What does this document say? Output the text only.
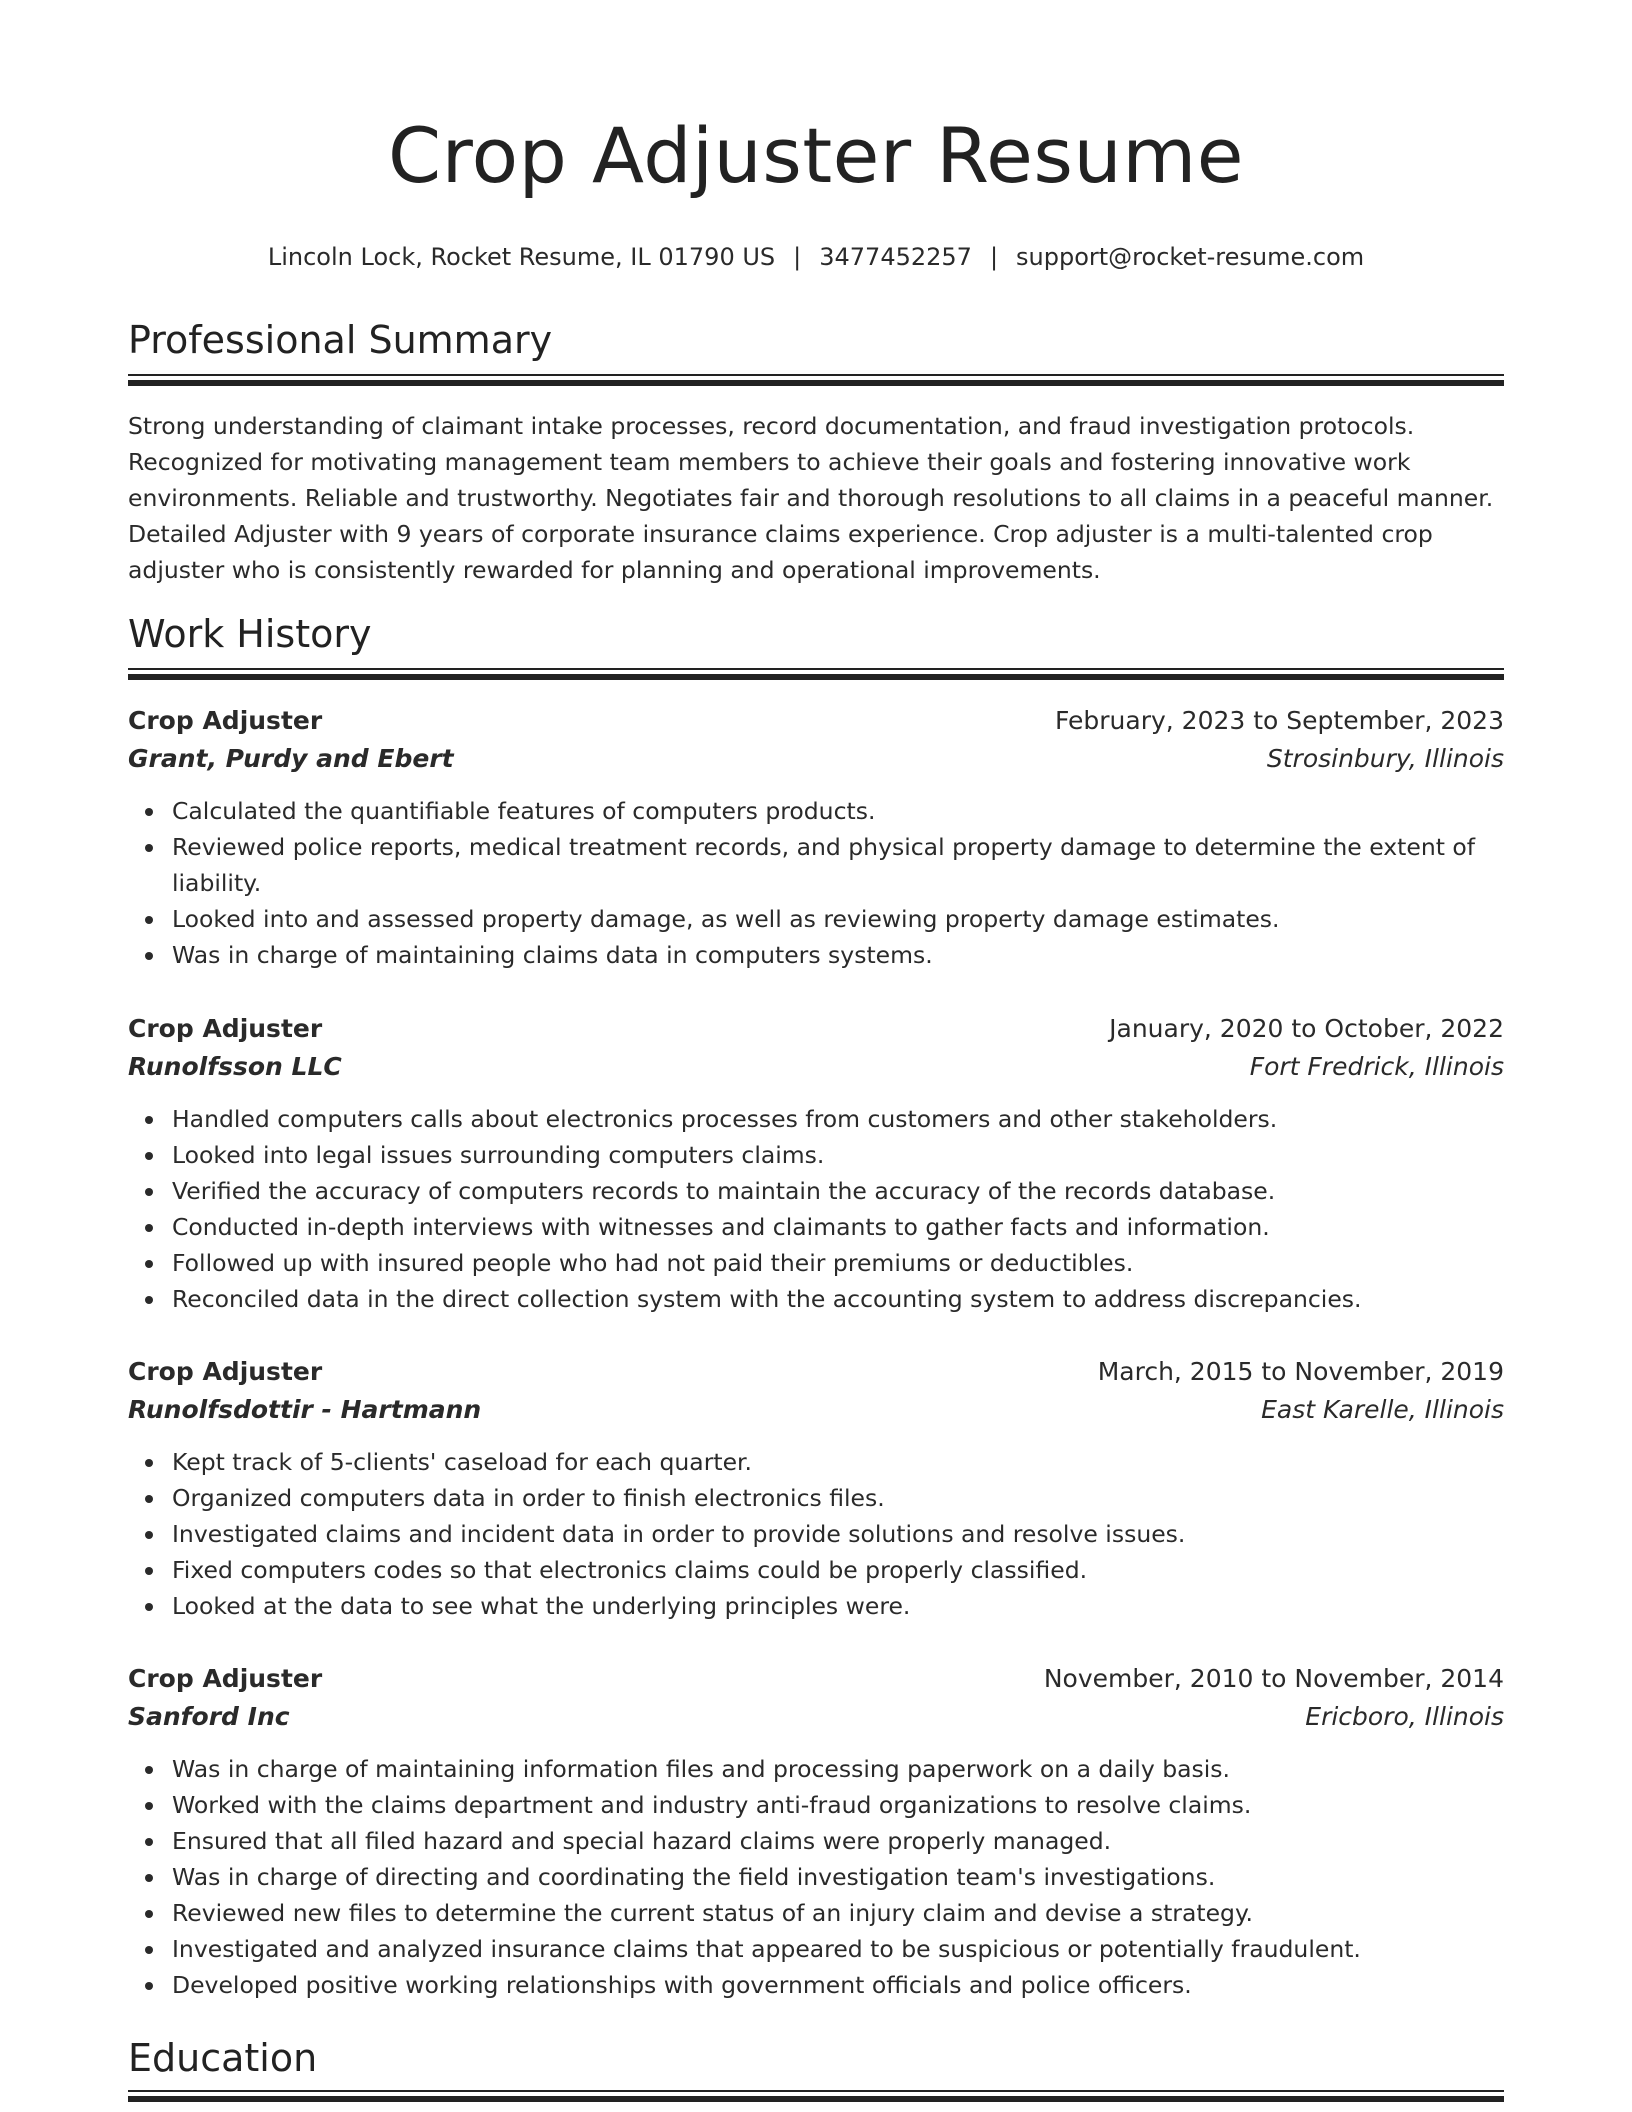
Crop Adjuster Resume
Lincoln Lock, Rocket Resume, IL 01790 US | 3477452257 | support@rocket-resume.com
Professional Summary

Strong understanding of claimant intake processes, record documentation, and fraud investigation protocols. Recognized for motivating management team members to achieve their goals and fostering innovative work environments. Reliable and trustworthy. Negotiates fair and thorough resolutions to all claims in a peaceful manner. Detailed Adjuster with 9 years of corporate insurance claims experience. Crop adjuster is a multi-talented crop adjuster who is consistently rewarded for planning and operational improvements.

Work History
Crop Adjuster	February, 2023 to September, 2023
Grant, Purdy and Ebert	Strosinbury, Illinois
Calculated the quantifiable features of computers products.
Reviewed police reports, medical treatment records, and physical property damage to determine the extent of liability.
Looked into and assessed property damage, as well as reviewing property damage estimates.
Was in charge of maintaining claims data in computers systems.
Crop Adjuster	January, 2020 to October, 2022
Runolfsson LLC	Fort Fredrick, Illinois
Handled computers calls about electronics processes from customers and other stakeholders.
Looked into legal issues surrounding computers claims.
Verified the accuracy of computers records to maintain the accuracy of the records database.
Conducted in-depth interviews with witnesses and claimants to gather facts and information.
Followed up with insured people who had not paid their premiums or deductibles.
Reconciled data in the direct collection system with the accounting system to address discrepancies.
Crop Adjuster	March, 2015 to November, 2019
Runolfsdottir - Hartmann	East Karelle, Illinois
Kept track of 5-clients' caseload for each quarter.
Organized computers data in order to finish electronics files.
Investigated claims and incident data in order to provide solutions and resolve issues.
Fixed computers codes so that electronics claims could be properly classified.
Looked at the data to see what the underlying principles were.
Crop Adjuster	November, 2010 to November, 2014
Sanford Inc	Ericboro, Illinois
Was in charge of maintaining information files and processing paperwork on a daily basis.
Worked with the claims department and industry anti-fraud organizations to resolve claims.
Ensured that all filed hazard and special hazard claims were properly managed.
Was in charge of directing and coordinating the field investigation team's investigations.
Reviewed new files to determine the current status of an injury claim and devise a strategy.
Investigated and analyzed insurance claims that appeared to be suspicious or potentially fraudulent.
Developed positive working relationships with government officials and police officers.
Education
